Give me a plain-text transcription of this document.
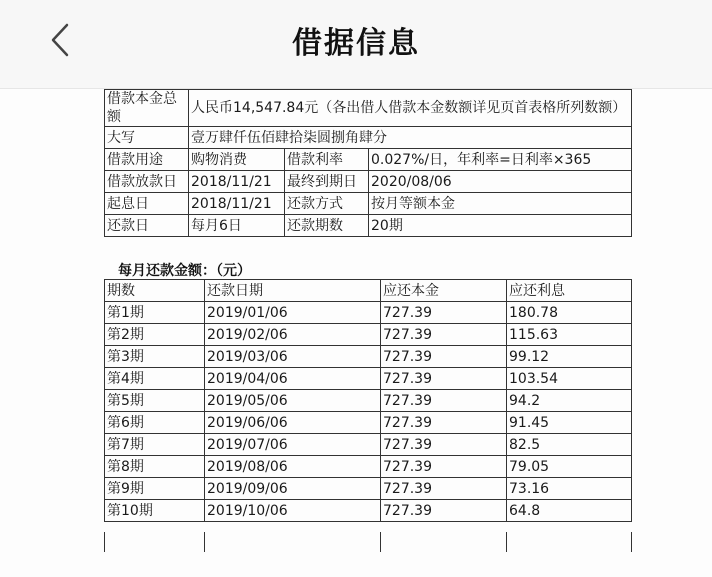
借据信息
借款本金总额	人民币14,547.84元（各出借人借款本金数额详见页首表格所列数额）		
大写	壹万肆仟伍佰肆拾柒圆捌角肆分		
借款用途	购物消费	借款利率	0.027%/日，年利率=日利率×365
借款放款日	2018/11/21	最终到期日	2020/08/06
起息日	2018/11/21	还款方式	按月等额本金
还款日	每月6日	还款期数	20期
每月还款金额：（元）
期数	还款日期	应还本金	应还利息
第1期	2019/01/06	727.39	180.78
第2期	2019/02/06	727.39	115.63
第3期	2019/03/06	727.39	99.12
第4期	2019/04/06	727.39	103.54
第5期	2019/05/06	727.39	94.2
第6期	2019/06/06	727.39	91.45
第7期	2019/07/06	727.39	82.5
第8期	2019/08/06	727.39	79.05
第9期	2019/09/06	727.39	73.16
第10期	2019/10/06	727.39	64.8
